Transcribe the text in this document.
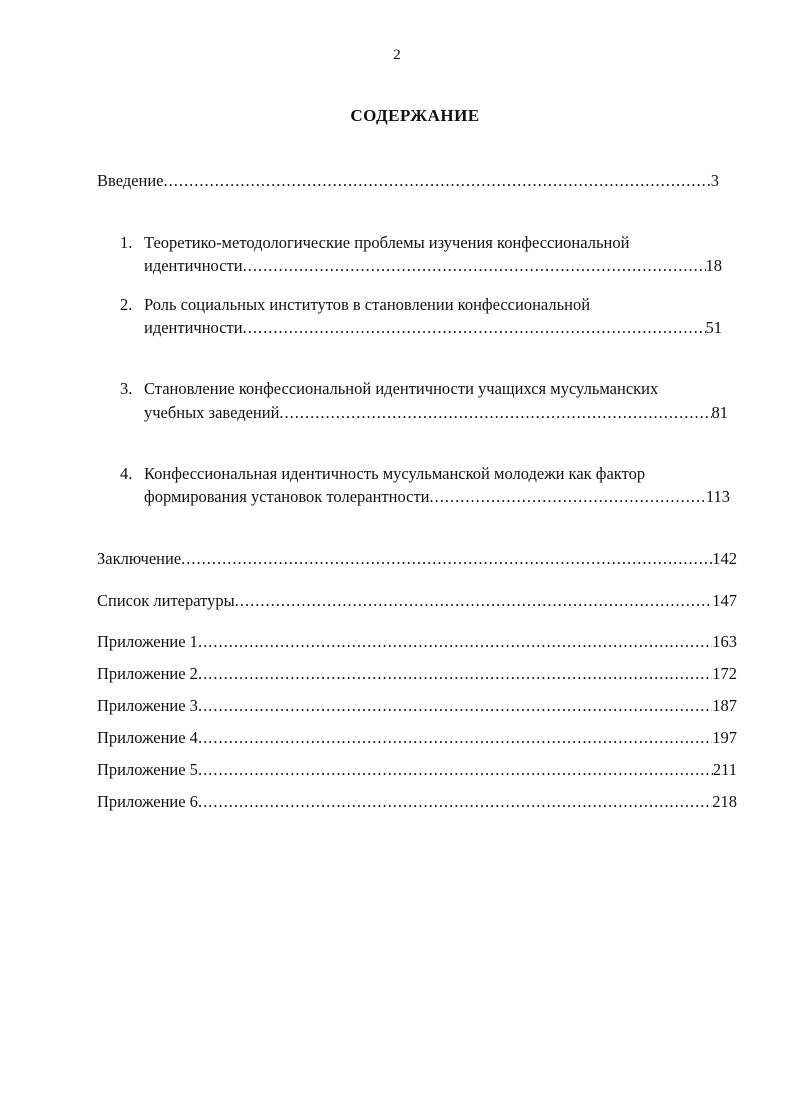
2
СОДЕРЖАНИЕ
Введение .....	3
1. Теоретико-методологические проблемы изучения конфессиональной
идентичности .....	18
2. Роль социальных институтов в становлении конфессиональной
идентичности .....	51
3. Становление конфессиональной идентичности учащихся мусульманских
учебных заведений .....	81
4. Конфессиональная идентичность мусульманской молодежи как фактор
формирования установок толерантности .....	113
Заключение .....	142
Список литературы .....	147
Приложение 1 .....	163
Приложение 2 .....	172
Приложение 3 .....	187
Приложение 4 .....	197
Приложение 5 .....	211
Приложение 6 .....	218
